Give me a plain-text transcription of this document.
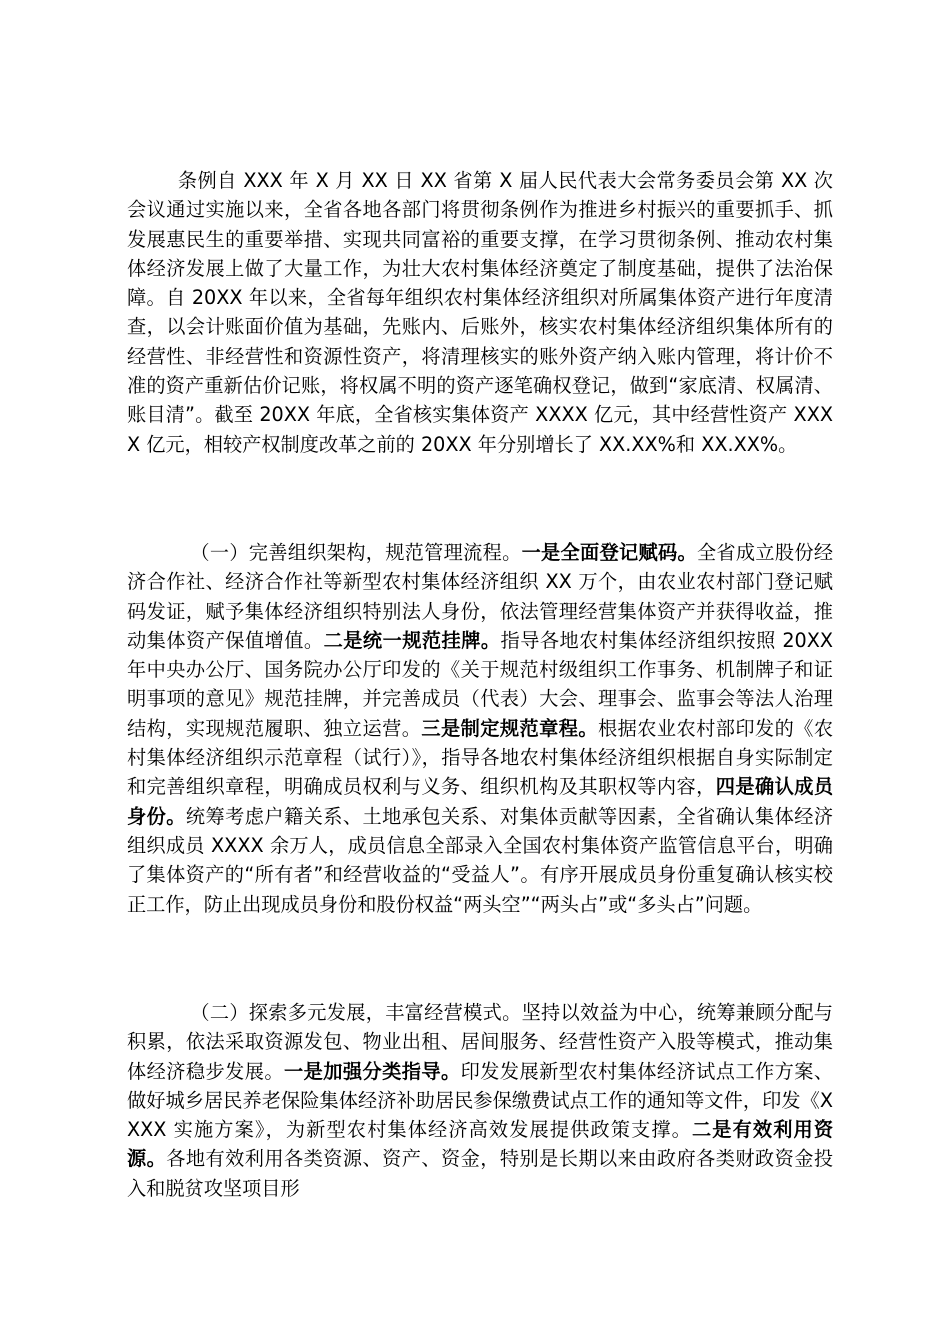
条例自 XXX 年 X 月 XX 日 XX 省第 X 届人民代表大会常务委员会第 XX 次会议通过实施以来，全省各地各部门将贯彻条例作为推进乡村振兴的重要抓手、抓发展惠民生的重要举措、实现共同富裕的重要支撑，在学习贯彻条例、推动农村集体经济发展上做了大量工作，为壮大农村集体经济奠定了制度基础，提供了法治保障。自 20XX 年以来，全省每年组织农村集体经济组织对所属集体资产进行年度清查，以会计账面价值为基础，先账内、后账外，核实农村集体经济组织集体所有的经营性、非经营性和资源性资产，将清理核实的账外资产纳入账内管理，将计价不准的资产重新估价记账，将权属不明的资产逐笔确权登记，做到“家底清、权属清、账目清”。截至 20XX 年底，全省核实集体资产 XXXX 亿元，其中经营性资产 XXXX 亿元，相较产权制度改革之前的 20XX 年分别增长了 XX.XX%和 XX.XX%。

（一）完善组织架构，规范管理流程。一是全面登记赋码。全省成立股份经济合作社、经济合作社等新型农村集体经济组织 XX 万个，由农业农村部门登记赋码发证，赋予集体经济组织特别法人身份，依法管理经营集体资产并获得收益，推动集体资产保值增值。二是统一规范挂牌。指导各地农村集体经济组织按照 20XX 年中央办公厅、国务院办公厅印发的《关于规范村级组织工作事务、机制牌子和证明事项的意见》规范挂牌，并完善成员（代表）大会、理事会、监事会等法人治理结构，实现规范履职、独立运营。三是制定规范章程。根据农业农村部印发的《农村集体经济组织示范章程（试行）》，指导各地农村集体经济组织根据自身实际制定和完善组织章程，明确成员权利与义务、组织机构及其职权等内容，四是确认成员身份。统筹考虑户籍关系、土地承包关系、对集体贡献等因素，全省确认集体经济组织成员 XXXX 余万人，成员信息全部录入全国农村集体资产监管信息平台，明确了集体资产的“所有者”和经营收益的“受益人”。有序开展成员身份重复确认核实校正工作，防止出现成员身份和股份权益“两头空”“两头占”或“多头占”问题。

（二）探索多元发展，丰富经营模式。坚持以效益为中心，统筹兼顾分配与积累，依法采取资源发包、物业出租、居间服务、经营性资产入股等模式，推动集体经济稳步发展。一是加强分类指导。印发发展新型农村集体经济试点工作方案、做好城乡居民养老保险集体经济补助居民参保缴费试点工作的通知等文件，印发《XXXX 实施方案》，为新型农村集体经济高效发展提供政策支撑。二是有效利用资源。各地有效利用各类资源、资产、资金，特别是长期以来由政府各类财政资金投入和脱贫攻坚项目形
